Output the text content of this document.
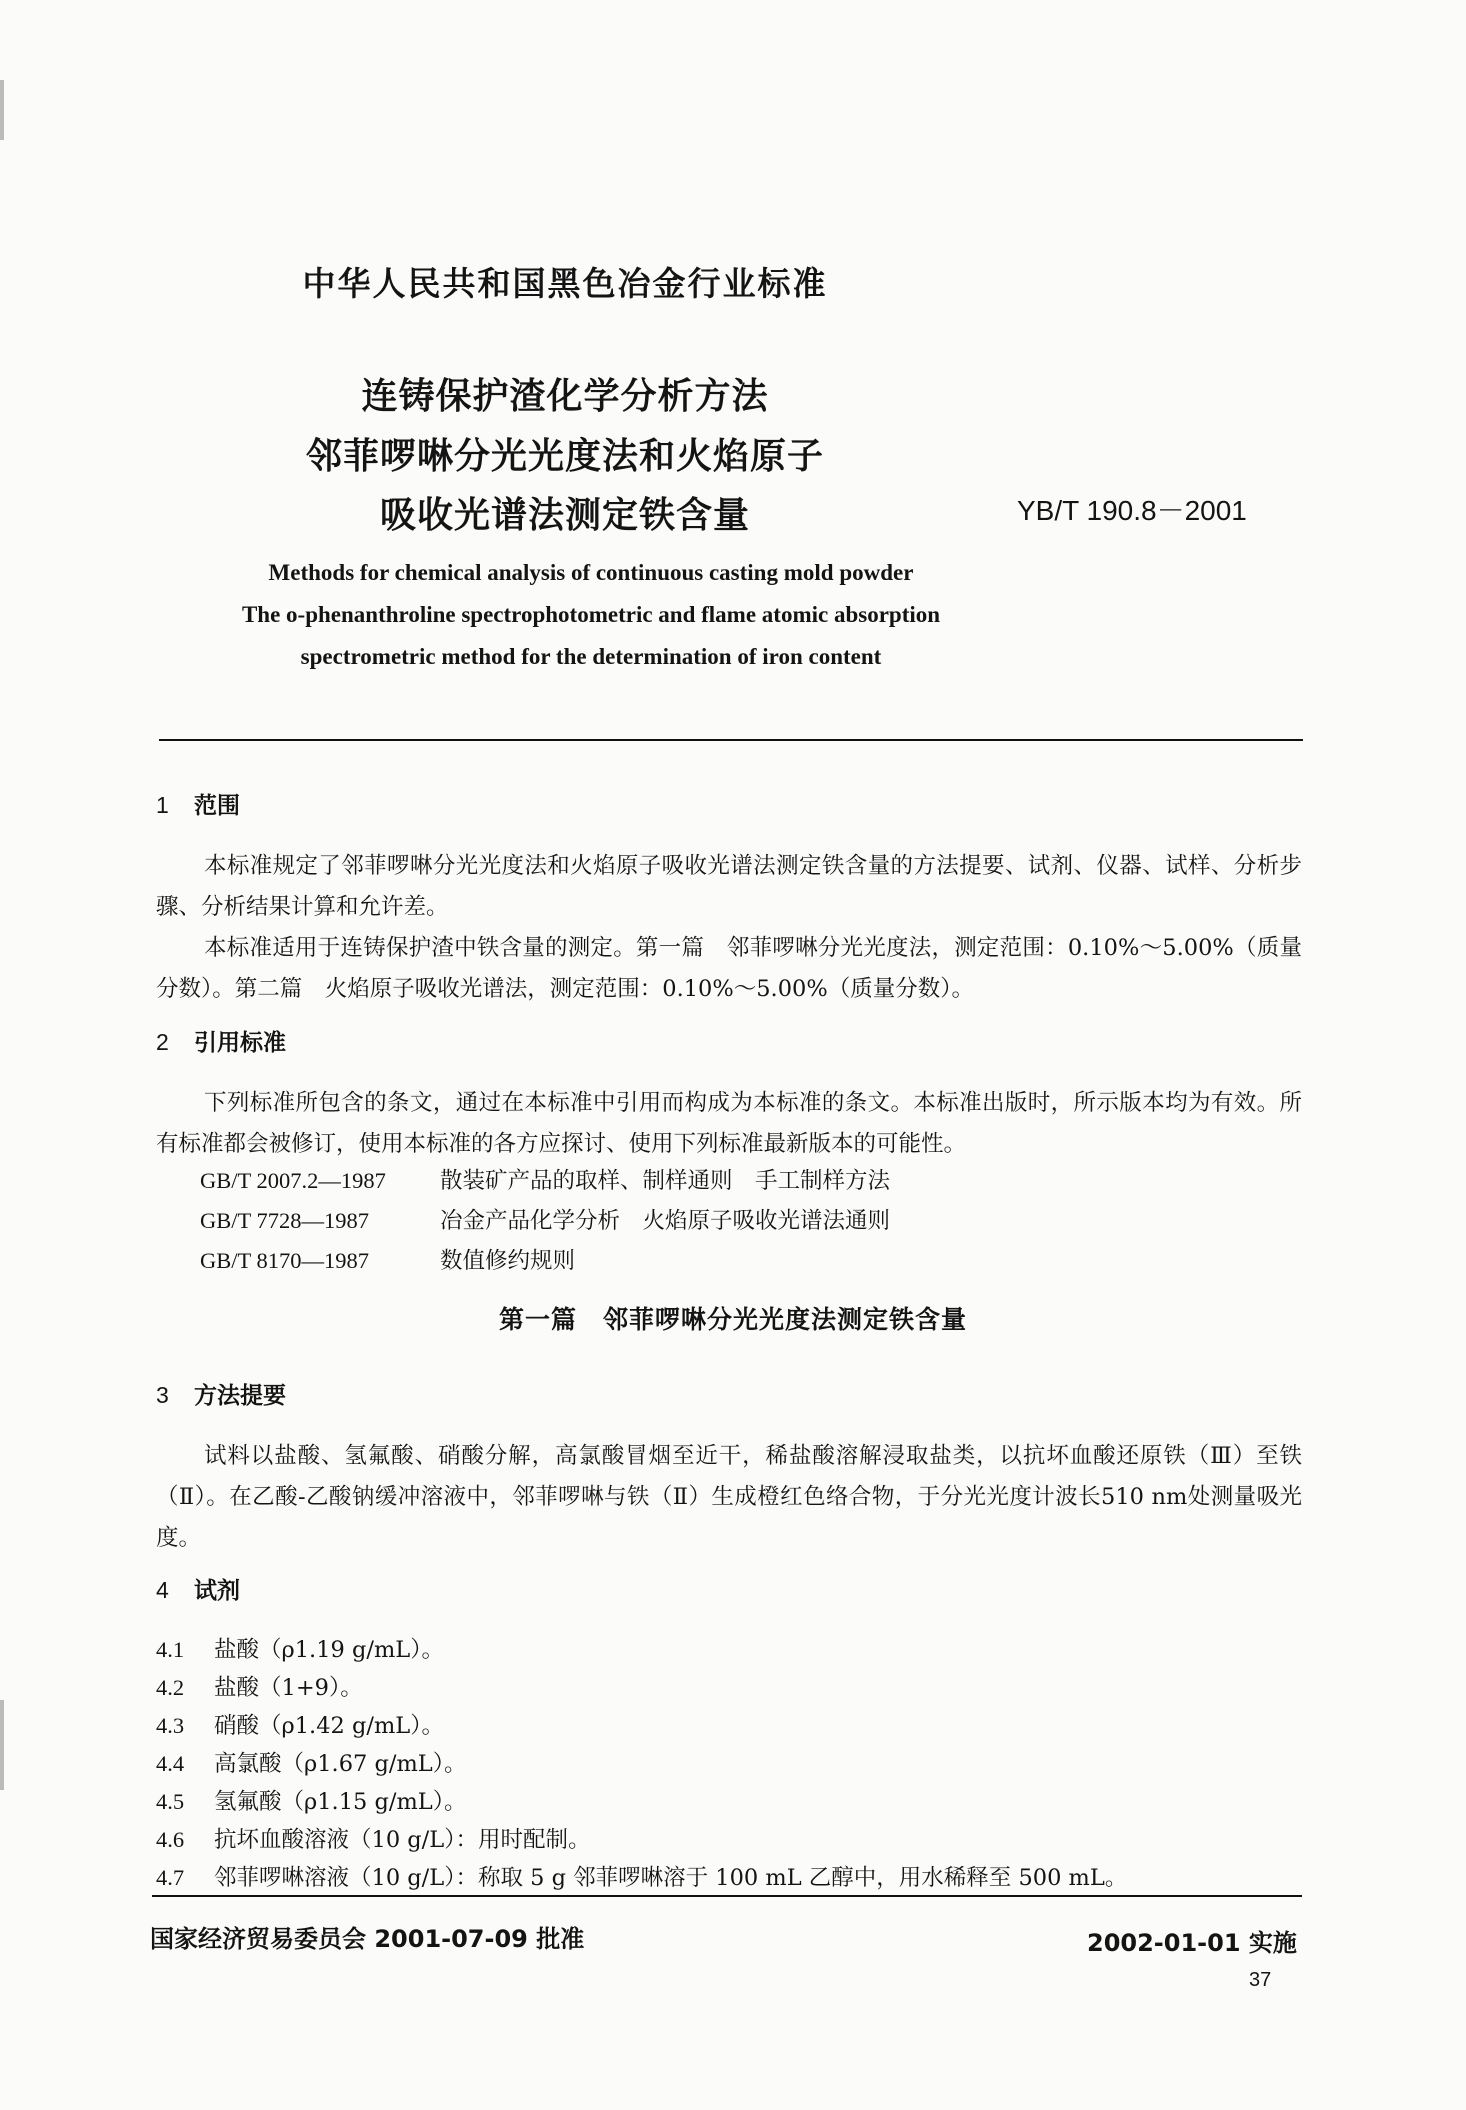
中华人民共和国黑色冶金行业标准
连铸保护渣化学分析方法
邻菲啰啉分光光度法和火焰原子
吸收光谱法测定铁含量	YB/T 190.8－2001
Methods for chemical analysis of continuous casting mold powder
The o-phenanthroline spectrophotometric and flame atomic absorption
spectrometric method for the determination of iron content
1 范围

本标准规定了邻菲啰啉分光光度法和火焰原子吸收光谱法测定铁含量的方法提要、试剂、仪器、试样、分析步骤、分析结果计算和允许差。

本标准适用于连铸保护渣中铁含量的测定。第一篇　邻菲啰啉分光光度法，测定范围：0.10%～5.00%（质量分数）。第二篇　火焰原子吸收光谱法，测定范围：0.10%～5.00%（质量分数）。

2 引用标准

下列标准所包含的条文，通过在本标准中引用而构成为本标准的条文。本标准出版时，所示版本均为有效。所有标准都会被修订，使用本标准的各方应探讨、使用下列标准最新版本的可能性。

GB/T 2007.2—1987 散装矿产品的取样、制样通则　手工制样方法
GB/T 7728—1987	冶金产品化学分析　火焰原子吸收光谱法通则
GB/T 8170—1987	数值修约规则
第一篇　邻菲啰啉分光光度法测定铁含量
3 方法提要

试料以盐酸、氢氟酸、硝酸分解，高氯酸冒烟至近干，稀盐酸溶解浸取盐类，以抗坏血酸还原铁（Ⅲ）至铁（Ⅱ）。在乙酸-乙酸钠缓冲溶液中，邻菲啰啉与铁（Ⅱ）生成橙红色络合物，于分光光度计波长510 nm处测量吸光度。

4 试剂
4.1 盐酸（ρ1.19 g/mL）。
4.2 盐酸（1+9）。
4.3 硝酸（ρ1.42 g/mL）。
4.4 高氯酸（ρ1.67 g/mL）。
4.5 氢氟酸（ρ1.15 g/mL）。
4.6 抗坏血酸溶液（10 g/L）：用时配制。
4.7 邻菲啰啉溶液（10 g/L）：称取 5 g 邻菲啰啉溶于 100 mL 乙醇中，用水稀释至 500 mL。
国家经济贸易委员会 2001-07-09 批准	2002-01-01 实施
37
